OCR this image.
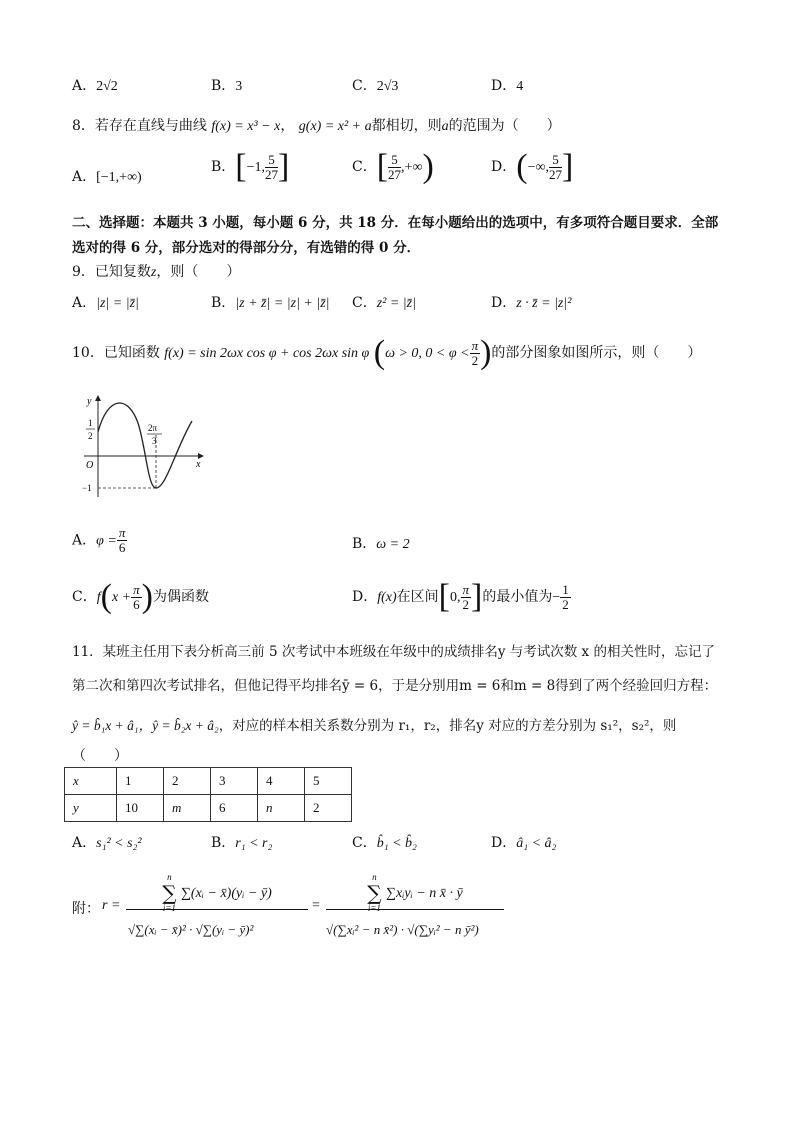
A．2√2	B．3	C．2√3	D．4
8．若存在直线与曲线 f(x) = x³ − x， g(x) = x² + a都相切，则a的范围为（　　）
A．[−1,+∞)
B．[−1, $\frac{5}{27}$ ]	C．[ $\frac{5}{27}$ ,+∞)	D．(−∞, $\frac{5}{27}$ ]
二、选择题：本题共 3 小题，每小题 6 分，共 18 分．在每小题给出的选项中，有多项符合题目要求．全部
选对的得 6 分，部分选对的得部分分，有选错的得 0 分．
9．已知复数z，则（　　）
A．|z| = |z̄|	B．|z + z̄| = |z| + |z̄| C．z² = |z̄|	D．z · z̄ = |z|²
10．已知函数 f(x) = sin 2ωx cos φ + cos 2ωx sin φ (ω > 0, $0 < \varphi < \frac{\pi}{2}$ )的部分图象如图所示，则（　　）
y
x
O
1
2
2π
3
−1
A．$\varphi = \frac{\pi}{6}$	B．ω = 2
C．$f(x + \frac{\pi}{6}$ )为偶函数	D．f(x)在区间[0, $\frac{\pi}{2}$ ]的最小值为− $\frac{1}{2}$
11．某班主任用下表分析高三前 5 次考试中本班级在年级中的成绩排名y 与考试次数 x 的相关性时，忘记了
第二次和第四次考试排名，但他记得平均排名ȳ = 6，于是分别用m = 6和m = 8得到了两个经验回归方程：
ŷ = b̂₁x + â₁，ŷ = b̂₂x + â₂，对应的样本相关系数分别为 r₁，r₂，排名y 对应的方差分别为 s₁²，s₂²，则
（　　）
x	1	2	3	4	5
y	10	m	6	n	2
A．s₁² < s₂²	B．r₁ < r₂	C．b̂₁ < b̂₂	D．â₁ < â₂
附： r =
n
∑
i=1 ∑(xᵢ − x̄)(yᵢ − ȳ)
√∑(xᵢ − x̄)² · √∑(yᵢ − ȳ)²
=
n
∑
i=1 ∑xᵢyᵢ − n x̄ · ȳ
√(∑xᵢ² − n x̄²) · √(∑yᵢ² − n ȳ²)
